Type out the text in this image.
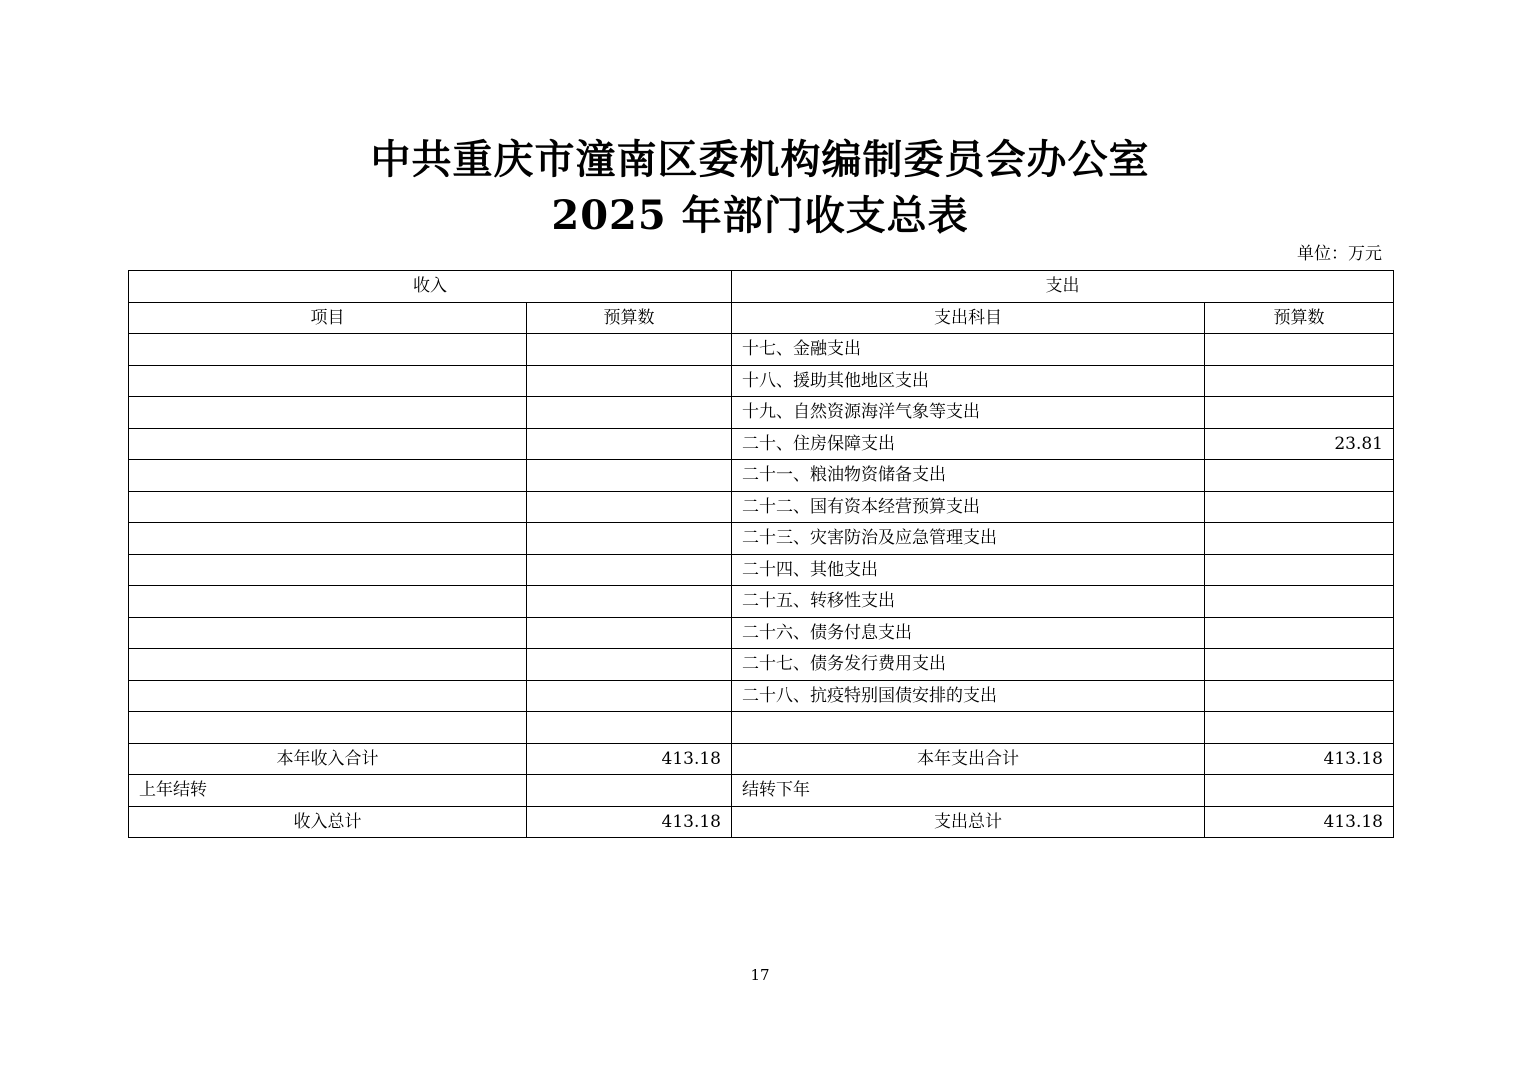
中共重庆市潼南区委机构编制委员会办公室
2025 年部门收支总表
单位：万元
收入		支出	
项目	预算数	支出科目	预算数
		十七、金融支出	
		十八、援助其他地区支出	
		十九、自然资源海洋气象等支出	
		二十、住房保障支出	23.81
		二十一、粮油物资储备支出	
		二十二、国有资本经营预算支出	
		二十三、灾害防治及应急管理支出	
		二十四、其他支出	
		二十五、转移性支出	
		二十六、债务付息支出	
		二十七、债务发行费用支出	
		二十八、抗疫特别国债安排的支出	

本年收入合计	413.18	本年支出合计	413.18
上年结转		结转下年	
收入总计	413.18	支出总计	413.18
17
